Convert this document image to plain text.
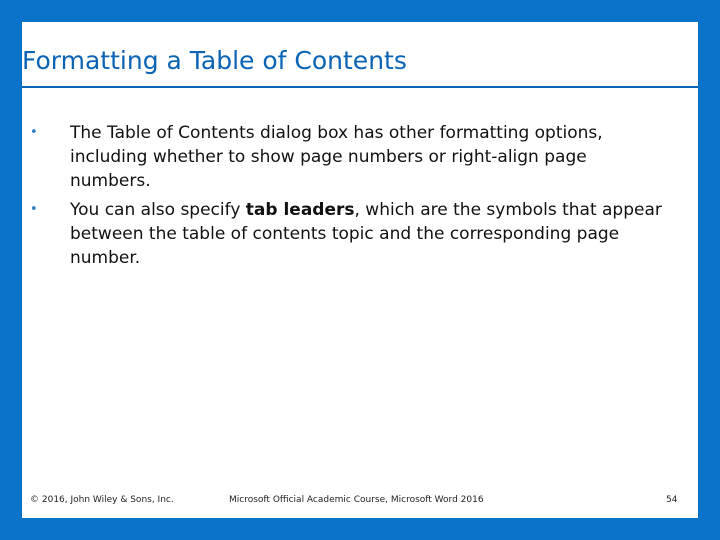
Formatting a Table of Contents
•	The Table of Contents dialog box has other formatting options, including whether to show page numbers or right-align page numbers.
•	You can also specify tab leaders, which are the symbols that appear between the table of contents topic and the corresponding page number.
© 2016, John Wiley & Sons, Inc.	Microsoft Official Academic Course, Microsoft Word 2016	54
